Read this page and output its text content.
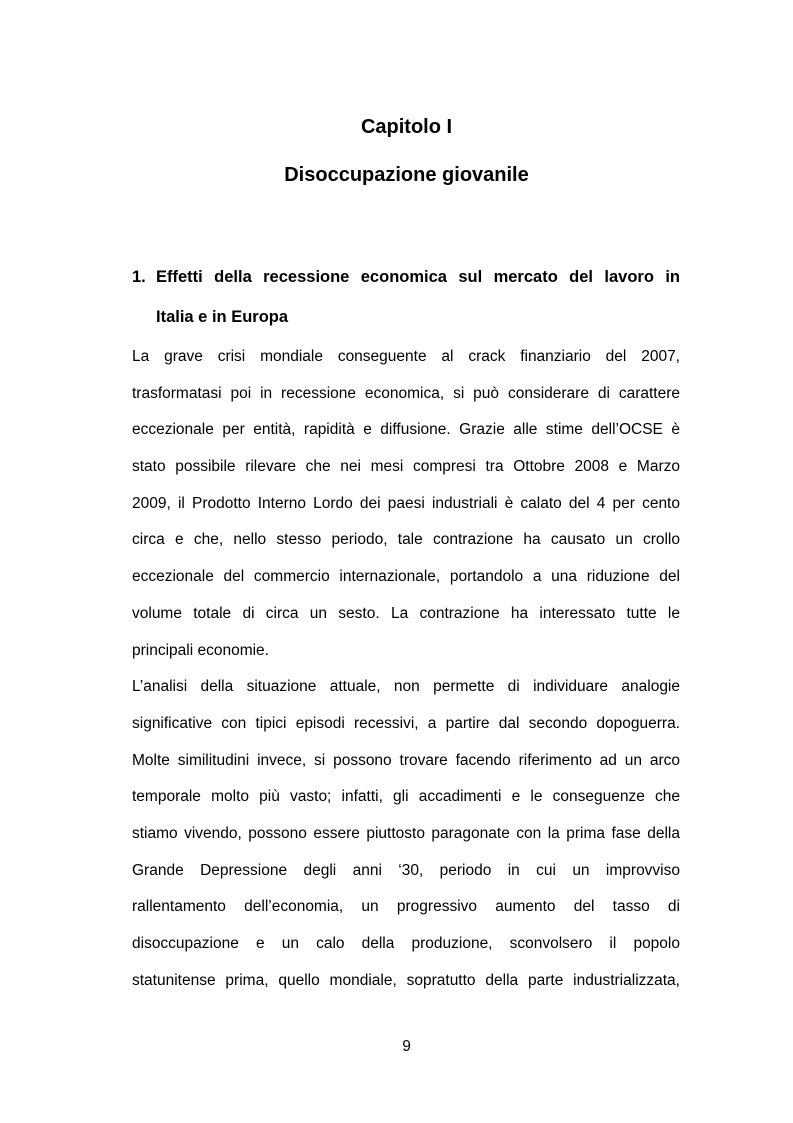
Capitolo I
Disoccupazione giovanile
1. Effetti della recessione economica sul mercato del lavoro in
Italia e in Europa
La grave crisi mondiale conseguente al crack finanziario del 2007,
trasformatasi poi in recessione economica, si può considerare di carattere
eccezionale per entità, rapidità e diffusione. Grazie alle stime dell’OCSE è
stato possibile rilevare che nei mesi compresi tra Ottobre 2008 e Marzo
2009, il Prodotto Interno Lordo dei paesi industriali è calato del 4 per cento
circa e che, nello stesso periodo, tale contrazione ha causato un crollo
eccezionale del commercio internazionale, portandolo a una riduzione del
volume totale di circa un sesto. La contrazione ha interessato tutte le
principali economie.
L’analisi della situazione attuale, non permette di individuare analogie
significative con tipici episodi recessivi, a partire dal secondo dopoguerra.
Molte similitudini invece, si possono trovare facendo riferimento ad un arco
temporale molto più vasto; infatti, gli accadimenti e le conseguenze che
stiamo vivendo, possono essere piuttosto paragonate con la prima fase della
Grande Depressione degli anni ‘30, periodo in cui un improvviso
rallentamento dell’economia, un progressivo aumento del tasso di
disoccupazione e un calo della produzione, sconvolsero il popolo
statunitense prima, quello mondiale, sopratutto della parte industrializzata,
9
